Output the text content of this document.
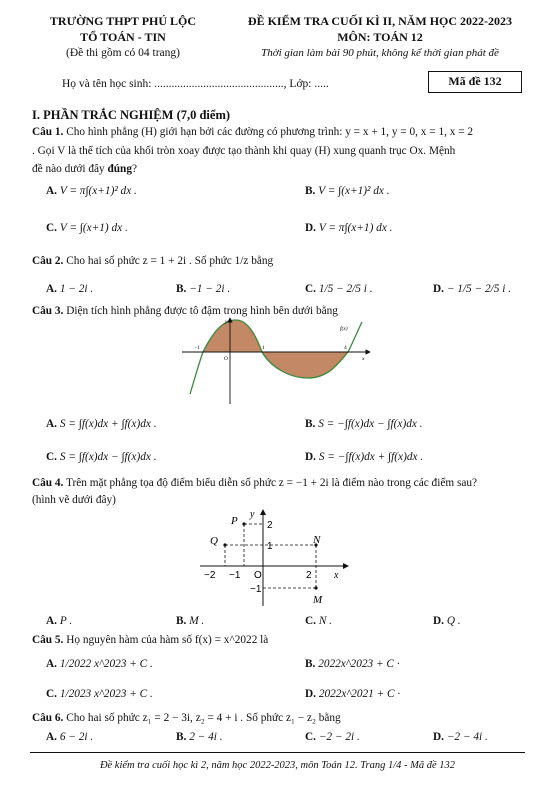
TRƯỜNG THPT PHÚ LỘC
TỔ TOÁN - TIN
(Đề thi gồm có 04 trang)
ĐỀ KIỂM TRA CUỐI KÌ II, NĂM HỌC 2022-2023
MÔN: TOÁN 12
Thời gian làm bài 90 phút, không kể thời gian phát đề
Họ và tên học sinh: ............................................., Lớp: .....	Mã đề 132
I. PHẦN TRẮC NGHIỆM (7,0 điểm)
Câu 1. Cho hình phẳng (H) giới hạn bởi các đường có phương trình: y = x + 1, y = 0, x = 1, x = 2
. Gọi V là thể tích của khối tròn xoay được tạo thành khi quay (H) xung quanh trục Ox. Mệnh
đề nào dưới đây đúng?
A. V = π∫(x+1)² dx .	B. V = ∫(x+1)² dx .
C. V = ∫(x+1) dx .	D. V = π∫(x+1) dx .
Câu 2. Cho hai số phức z = 1 + 2i . Số phức 1/z bằng
A. 1 − 2i .	B. −1 − 2i .	C. 1/5 − 2/5 i .	D. − 1/5 − 2/5 i .
Câu 3. Diện tích hình phẳng được tô đậm trong hình bên dưới bằng
y
f(x)
−1
O
1	4
x
A. S = ∫f(x)dx + ∫f(x)dx .	B. S = −∫f(x)dx − ∫f(x)dx .
C. S = ∫f(x)dx − ∫f(x)dx .	D. S = −∫f(x)dx + ∫f(x)dx .
Câu 4. Trên mặt phẳng tọa độ điểm biểu diễn số phức z = −1 + 2i là điểm nào trong các điểm sau?
(hình vẽ dưới đây)
P
y
2
Q	N
1
−2 −1 O	2 x
−1
M
A. P .	B. M .	C. N .	D. Q .
Câu 5. Họ nguyên hàm của hàm số f(x) = x^2022 là
A. 1/2022 x^2023 + C .	B. 2022x^2023 + C ·
C. 1/2023 x^2023 + C .	D. 2022x^2021 + C ·
Câu 6. Cho hai số phức z₁ = 2 − 3i, z₂ = 4 + i . Số phức z₁ − z₂ bằng
A. 6 − 2i .	B. 2 − 4i .	C. −2 − 2i .	D. −2 − 4i .
Đề kiểm tra cuối học kì 2, năm học 2022-2023, môn Toán 12. Trang 1/4 - Mã đề 132
